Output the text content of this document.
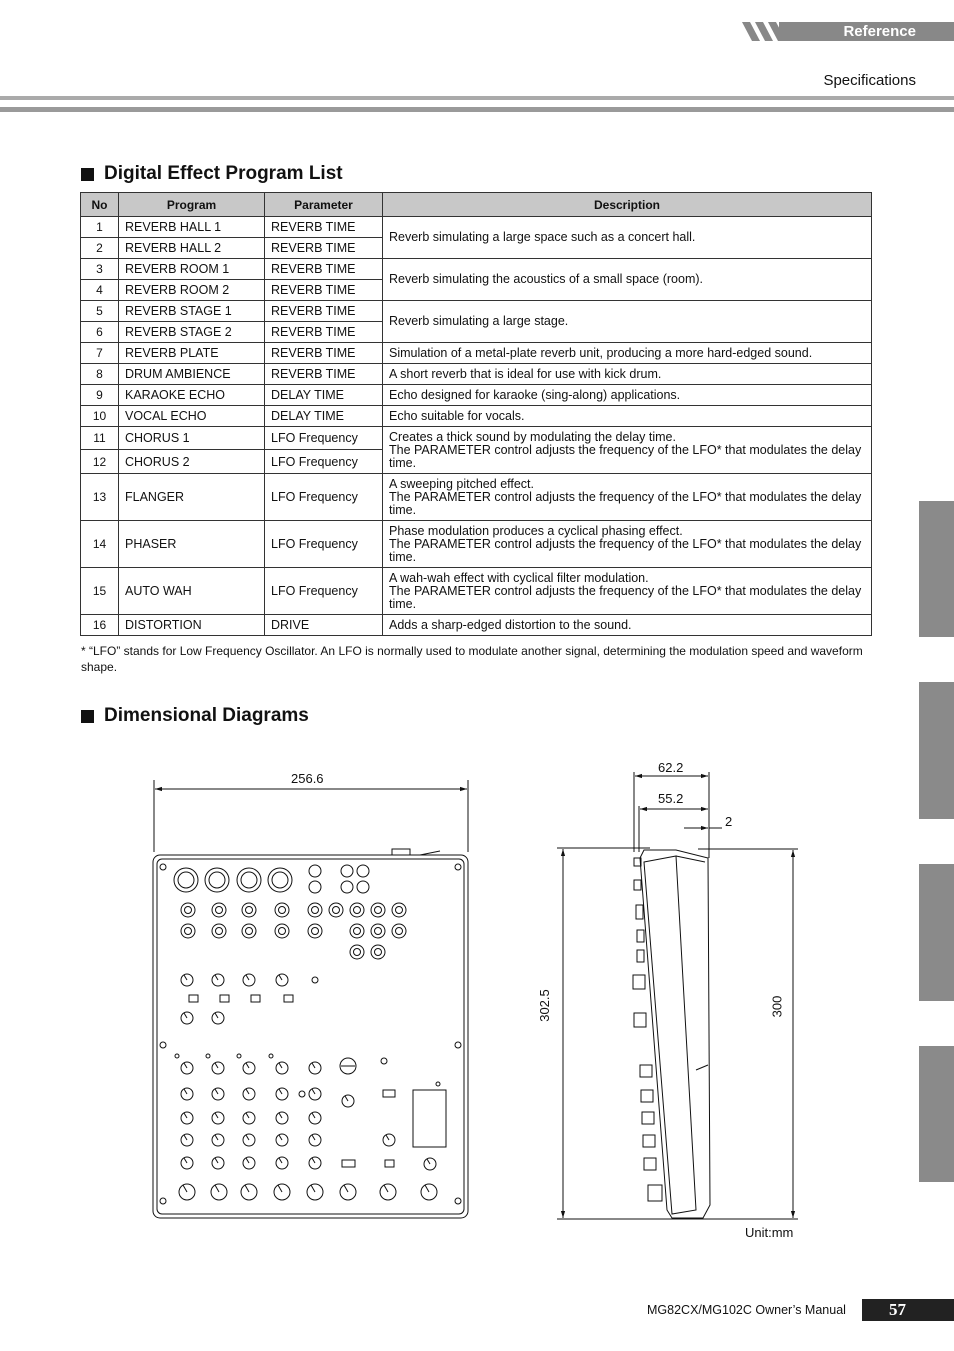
Reference
Specifications
Digital Effect Program List
No	Program	Parameter	Description
1	REVERB HALL 1	REVERB TIME	Reverb simulating a large space such as a concert hall.
2	REVERB HALL 2	REVERB TIME	
3	REVERB ROOM 1	REVERB TIME	Reverb simulating the acoustics of a small space (room).
4	REVERB ROOM 2	REVERB TIME	
5	REVERB STAGE 1	REVERB TIME	Reverb simulating a large stage.
6	REVERB STAGE 2	REVERB TIME	
7	REVERB PLATE	REVERB TIME	Simulation of a metal-plate reverb unit, producing a more hard-edged sound.
8	DRUM AMBIENCE	REVERB TIME	A short reverb that is ideal for use with kick drum.
9	KARAOKE ECHO	DELAY TIME	Echo designed for karaoke (sing-along) applications.
10	VOCAL ECHO	DELAY TIME	Echo suitable for vocals.
11	CHORUS 1	LFO Frequency	Creates a thick sound by modulating the delay time.
The PARAMETER control adjusts the frequency of the LFO* that modulates the delay time.

12	CHORUS 2	LFO Frequency	
13	FLANGER	LFO Frequency	A sweeping pitched effect.
The PARAMETER control adjusts the frequency of the LFO* that modulates the delay time.

14	PHASER	LFO Frequency	Phase modulation produces a cyclical phasing effect.
The PARAMETER control adjusts the frequency of the LFO* that modulates the delay time.

15	AUTO WAH	LFO Frequency	A wah-wah effect with cyclical filter modulation.
The PARAMETER control adjusts the frequency of the LFO* that modulates the delay time.

16	DISTORTION	DRIVE	Adds a sharp-edged distortion to the sound.
* “LFO” stands for Low Frequency Oscillator. An LFO is normally used to modulate another signal, determining the modulation speed and waveform shape.
Dimensional Diagrams
256.6
62.2
55.2
2
302.5	300
Unit:mm
MG82CX/MG102C Owner’s Manual	57
